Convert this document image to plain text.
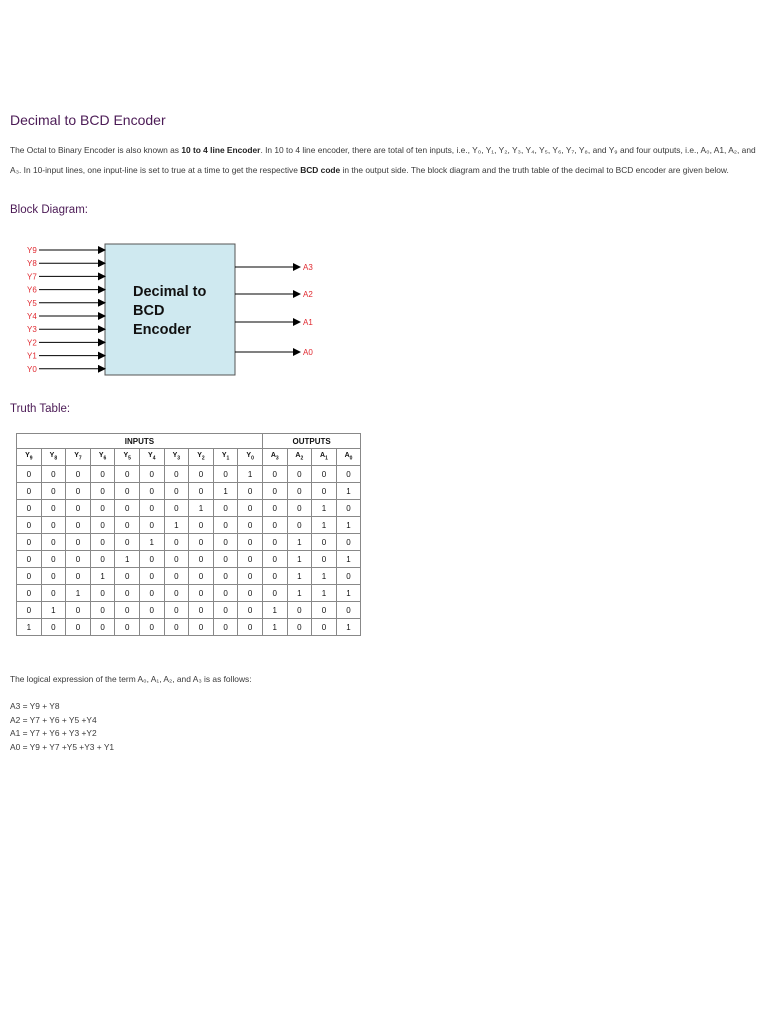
Decimal to BCD Encoder
The Octal to Binary Encoder is also known as 10 to 4 line Encoder. In 10 to 4 line encoder, there are total of ten inputs, i.e., Y₀, Y₁, Y₂, Y₃, Y₄, Y₅, Y₆, Y₇, Y₈, and Y₉ and four outputs, i.e., A₀, A1, A₂, and A₃. In 10-input lines, one input-line is set to true at a time to get the respective BCD code in the output side. The block diagram and the truth table of the decimal to BCD encoder are given below.
Block Diagram:
Decimal to
BCD
Encoder
Y9
Y8
Y7
Y6
Y5
Y4
Y3
Y2
Y1
Y0
A3
A2
A1
A0
Truth Table:
INPUTS										OUTPUTS			
$Y_9$	$Y_8$	$Y_7$	$Y_6$	$Y_5$	$Y_4$	$Y_3$	$Y_2$	$Y_1$	$Y_0$	$A_3$	$A_2$	$A_1$	$A_0$
0	0	0	0	0	0	0	0	0	1	0	0	0	0
0	0	0	0	0	0	0	0	1	0	0	0	0	1
0	0	0	0	0	0	0	1	0	0	0	0	1	0
0	0	0	0	0	0	1	0	0	0	0	0	1	1
0	0	0	0	0	1	0	0	0	0	0	1	0	0
0	0	0	0	1	0	0	0	0	0	0	1	0	1
0	0	0	1	0	0	0	0	0	0	0	1	1	0
0	0	1	0	0	0	0	0	0	0	0	1	1	1
0	1	0	0	0	0	0	0	0	0	1	0	0	0
1	0	0	0	0	0	0	0	0	0	1	0	0	1
The logical expression of the term A₀, A₁, A₂, and A₃ is as follows:
A3 = Y9 + Y8
A2 = Y7 + Y6 + Y5 +Y4
A1 = Y7 + Y6 + Y3 +Y2
A0 = Y9 + Y7 +Y5 +Y3 + Y1
